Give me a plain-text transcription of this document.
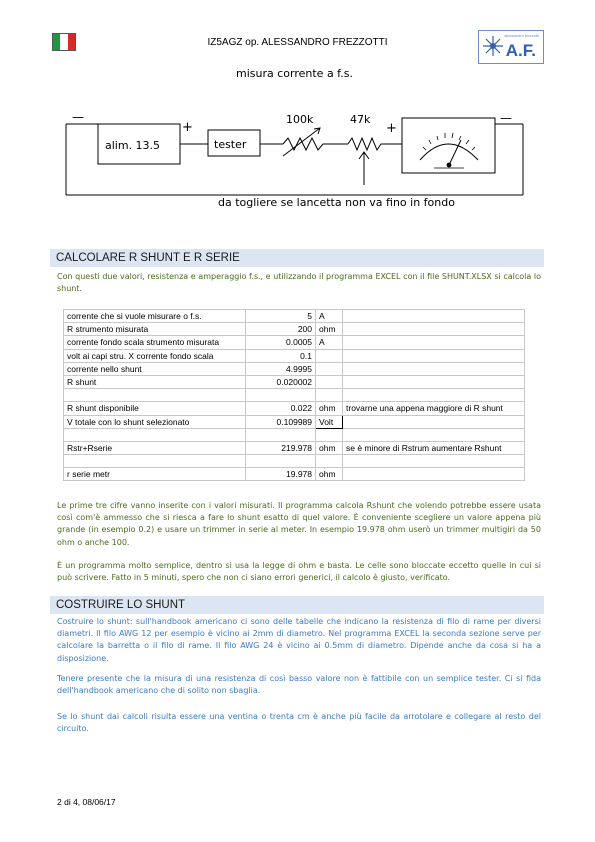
IZ5AGZ op. ALESSANDRO FREZZOTTI
alessandro frezzotti
A.F.
misura corrente a f.s.
—
+
alim. 13.5	tester
100k	47k
+
—
da togliere se lancetta non va fino in fondo
CALCOLARE R SHUNT E R SERIE
Con questi due valori, resistenza e amperaggio f.s., e utilizzando il programma EXCEL con il file SHUNT.XLSX si calcola lo shunt.
corrente che si vuole misurare o f.s.	5	A	
R strumento misurata	200	ohm	
corrente fondo scala strumento misurata	0.0005	A	
volt ai capi stru. X corrente fondo scala	0.1		
corrente nello shunt	4.9995		
R shunt	0.020002		

R shunt disponibile	0.022	ohm	trovarne una appena maggiore di R shunt
V totale con lo shunt selezionato	0.109989	Volt	

Rstr+Rserie	219.978	ohm	se è minore di Rstrum aumentare Rshunt

r serie metr	19.978	ohm	
Le prime tre cifre vanno inserite con i valori misurati. Il programma calcola Rshunt che volendo potrebbe essere usata così com'è ammesso che si riesca a fare lo shunt esatto di quel valore. È conveniente scegliere un valore appena più grande (in esempio 0.2) e usare un trimmer in serie al meter. In esempio 19.978 ohm userò un trimmer multigiri da 50 ohm o anche 100.
È un programma molto semplice, dentro si usa la legge di ohm e basta. Le celle sono bloccate eccetto quelle in cui si può scrivere. Fatto in 5 minuti, spero che non ci siano errori generici, il calcolo è giusto, verificato.
COSTRUIRE LO SHUNT
Costruire lo shunt: sull'handbook americano ci sono delle tabelle che indicano la resistenza di filo di rame per diversi diametri. Il filo AWG 12 per esempio è vicino ai 2mm di diametro. Nel programma EXCEL la seconda sezione serve per calcolare la barretta o il filo di rame. Il filo AWG 24 è vicino ai 0.5mm di diametro. Dipende anche da cosa si ha a disposizione.
Tenere presente che la misura di una resistenza di così basso valore non è fattibile con un semplice tester. Ci si fida dell'handbook americano che di solito non sbaglia.
Se lo shunt dai calcoli risulta essere una ventina o trenta cm è anche più facile da arrotolare e collegare al resto del circuito.
2 di 4, 08/06/17
